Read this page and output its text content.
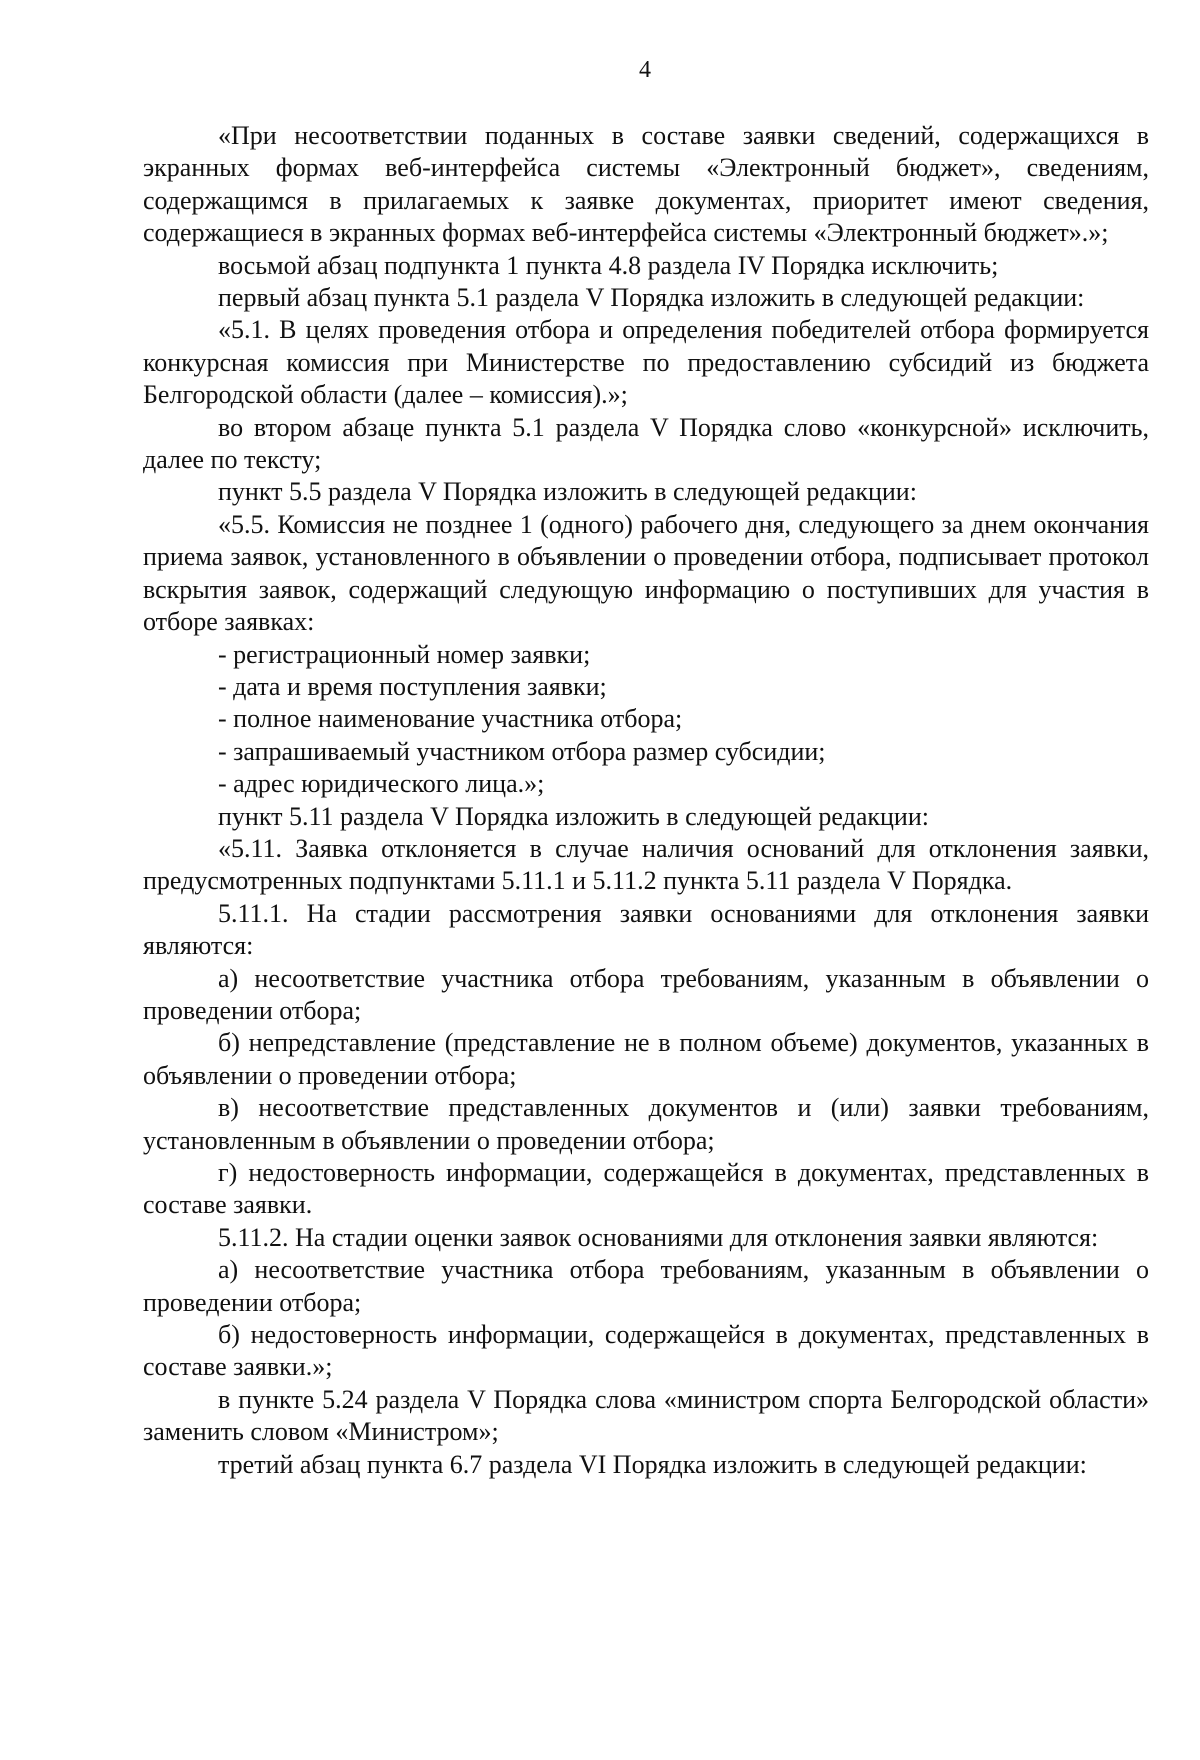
4

«При несоответствии поданных в составе заявки сведений, содержащихся в экранных формах веб-интерфейса системы «Электронный бюджет», сведениям, содержащимся в прилагаемых к заявке документах, приоритет имеют сведения, содержащиеся в экранных формах веб-интерфейса системы «Электронный бюджет».»;

восьмой абзац подпункта 1 пункта 4.8 раздела IV Порядка исключить;

первый абзац пункта 5.1 раздела V Порядка изложить в следующей редакции:

«5.1. В целях проведения отбора и определения победителей отбора формируется конкурсная комиссия при Министерстве по предоставлению субсидий из бюджета Белгородской области (далее – комиссия).»;

во втором абзаце пункта 5.1 раздела V Порядка слово «конкурсной» исключить, далее по тексту;

пункт 5.5 раздела V Порядка изложить в следующей редакции:

«5.5. Комиссия не позднее 1 (одного) рабочего дня, следующего за днем окончания приема заявок, установленного в объявлении о проведении отбора, подписывает протокол вскрытия заявок, содержащий следующую информацию о поступивших для участия в отборе заявках:

- регистрационный номер заявки;

- дата и время поступления заявки;

- полное наименование участника отбора;

- запрашиваемый участником отбора размер субсидии;

- адрес юридического лица.»;

пункт 5.11 раздела V Порядка изложить в следующей редакции:

«5.11. Заявка отклоняется в случае наличия оснований для отклонения заявки, предусмотренных подпунктами 5.11.1 и 5.11.2 пункта 5.11 раздела V Порядка.

5.11.1. На стадии рассмотрения заявки основаниями для отклонения заявки являются:

а) несоответствие участника отбора требованиям, указанным в объявлении о проведении отбора;

б) непредставление (представление не в полном объеме) документов, указанных в объявлении о проведении отбора;

в) несоответствие представленных документов и (или) заявки требованиям, установленным в объявлении о проведении отбора;

г) недостоверность информации, содержащейся в документах, представленных в составе заявки.

5.11.2. На стадии оценки заявок основаниями для отклонения заявки являются:

а) несоответствие участника отбора требованиям, указанным в объявлении о проведении отбора;

б) недостоверность информации, содержащейся в документах, представленных в составе заявки.»;

в пункте 5.24 раздела V Порядка слова «министром спорта Белгородской области» заменить словом «Министром»;

третий абзац пункта 6.7 раздела VI Порядка изложить в следующей редакции:
